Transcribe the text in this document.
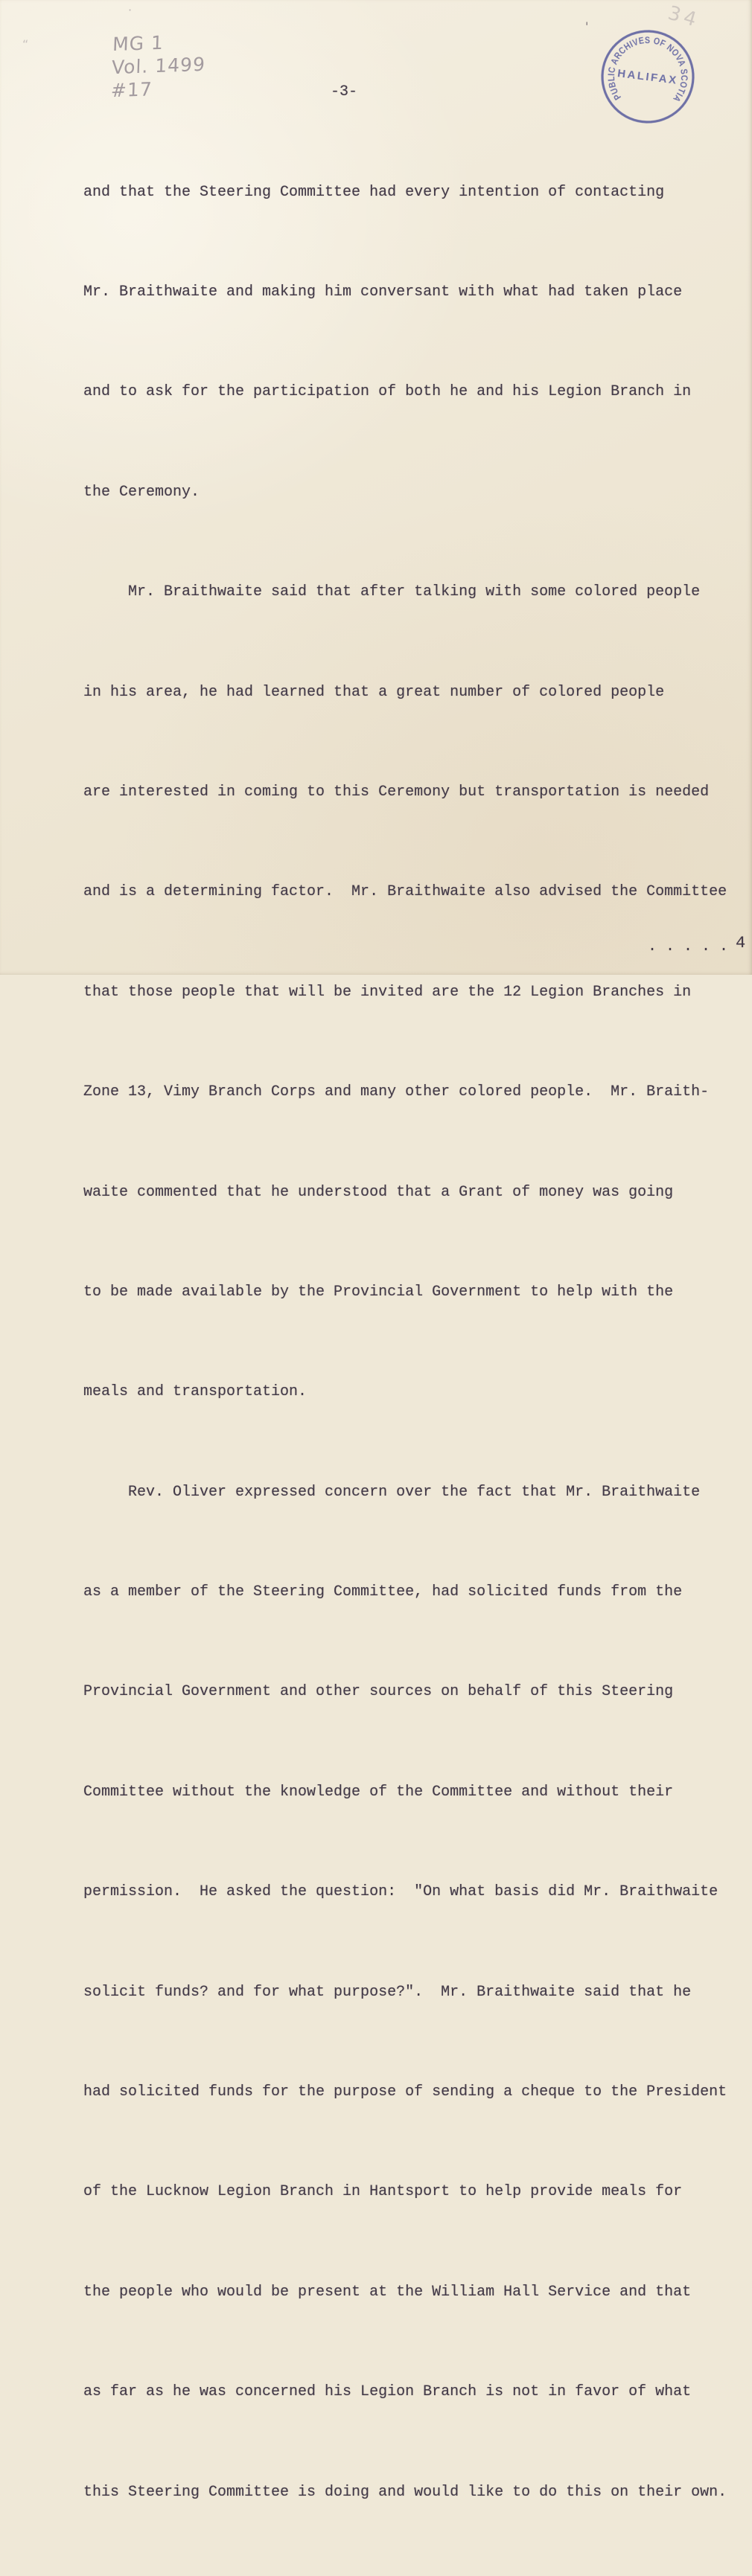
MG 1
Vol. 1499
#17
34
-3-	PUBLIC ARCHIVES OF NOVA SCOTIA
HALIFAX

and that the Steering Committee had every intention of contacting

Mr. Braithwaite and making him conversant with what had taken place

and to ask for the participation of both he and his Legion Branch in

the Ceremony.

Mr. Braithwaite said that after talking with some colored people

in his area, he had learned that a great number of colored people

are interested in coming to this Ceremony but transportation is needed

and is a determining factor.  Mr. Braithwaite also advised the Committee

that those people that will be invited are the 12 Legion Branches in

Zone 13, Vimy Branch Corps and many other colored people.  Mr. Braith-

waite commented that he understood that a Grant of money was going

to be made available by the Provincial Government to help with the

meals and transportation.

Rev. Oliver expressed concern over the fact that Mr. Braithwaite

as a member of the Steering Committee, had solicited funds from the

Provincial Government and other sources on behalf of this Steering

Committee without the knowledge of the Committee and without their

permission.  He asked the question:  "On what basis did Mr. Braithwaite

solicit funds? and for what purpose?".  Mr. Braithwaite said that he

had solicited funds for the purpose of sending a cheque to the President

of the Lucknow Legion Branch in Hantsport to help provide meals for

the people who would be present at the William Hall Service and that

as far as he was concerned his Legion Branch is not in favor of what

this Steering Committee is doing and would like to do this on their own.

. . . . . 4

“
·
'
